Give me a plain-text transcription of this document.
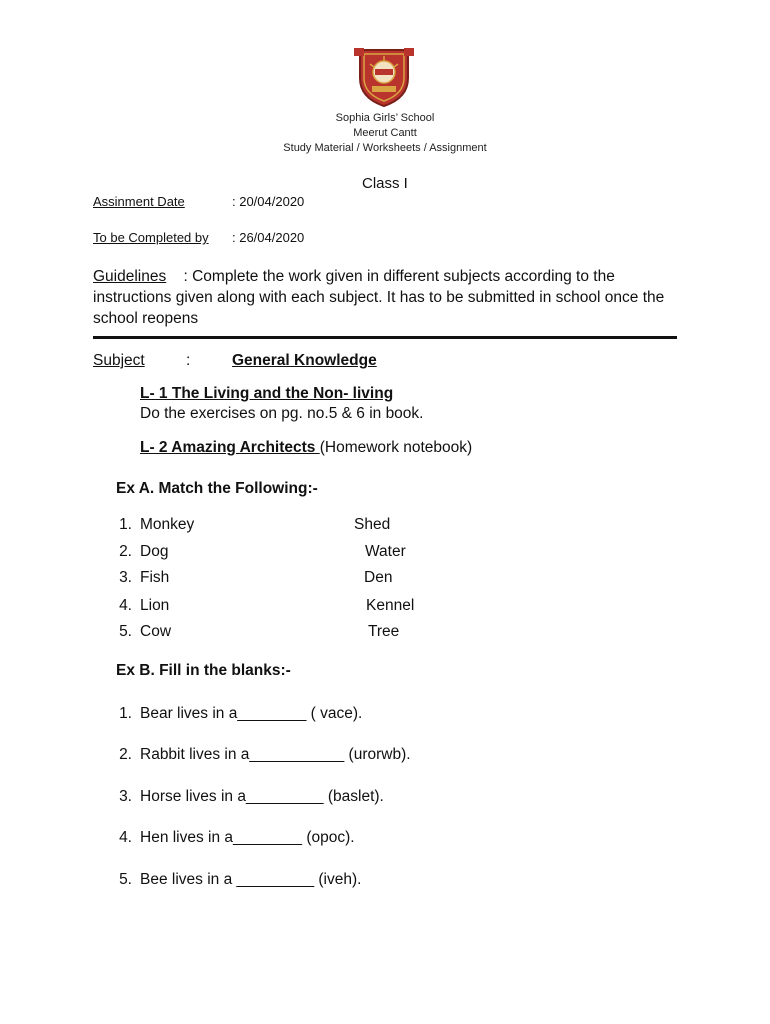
Sophia Girls’ School
Meerut Cantt
Study Material / Worksheets / Assignment
Class I
Assinment Date	: 20/04/2020
To be Completed by : 26/04/2020
Guidelines    : Complete the work given in different subjects according to the instructions given along with each subject. It has to be submitted in school once the school reopens
Subject	:	General Knowledge
L- 1 The Living and the Non- living
Do the exercises on pg. no.5 & 6 in book.
L- 2 Amazing Architects (Homework notebook)
Ex A. Match the Following:-
1. Monkey	Shed
2. Dog	Water
3. Fish	Den
4. Lion	Kennel
5. Cow	Tree
Ex B. Fill in the blanks:-
1. Bear lives in a________ ( vace).
2. Rabbit lives in a___________ (urorwb).
3. Horse lives in a_________ (baslet).
4. Hen lives in a________ (opoc).
5. Bee lives in a _________ (iveh).
